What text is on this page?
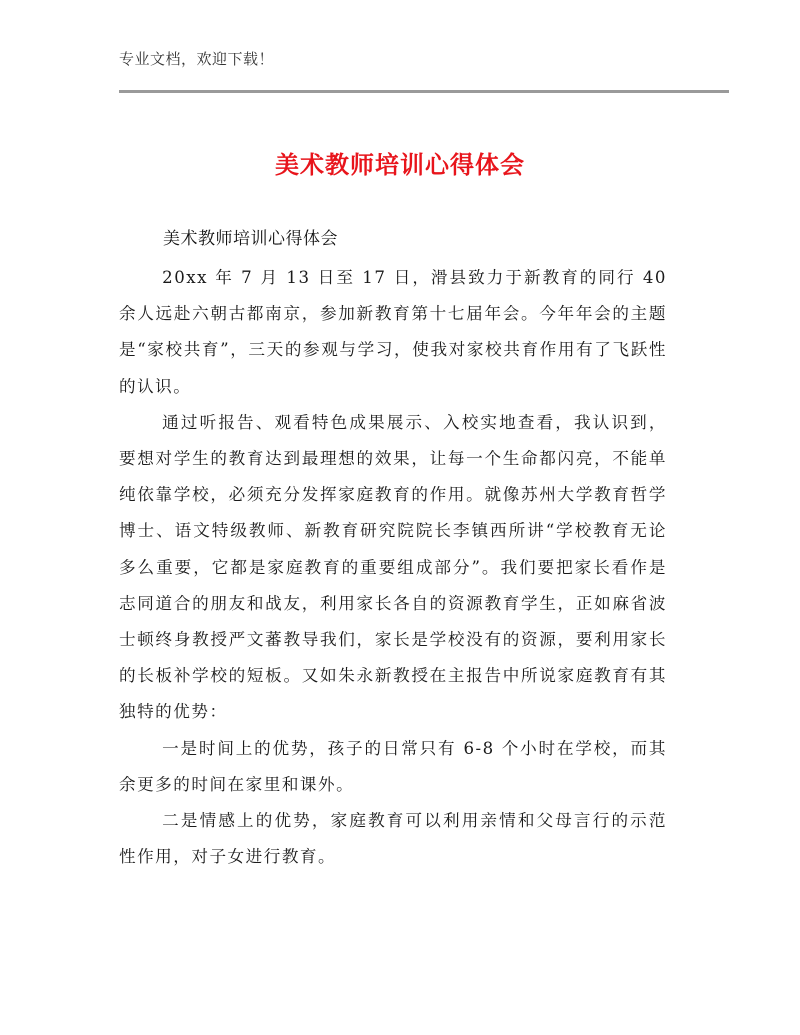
专业文档，欢迎下载！
美术教师培训心得体会
美术教师培训心得体会

20xx 年 7 月 13 日至 17 日，滑县致力于新教育的同行 40 余人远赴六朝古都南京，参加新教育第十七届年会。今年年会的主题是“家校共育”，三天的参观与学习，使我对家校共育作用有了飞跃性的认识。

通过听报告、观看特色成果展示、入校实地查看，我认识到，要想对学生的教育达到最理想的效果，让每一个生命都闪亮，不能单纯依靠学校，必须充分发挥家庭教育的作用。就像苏州大学教育哲学博士、语文特级教师、新教育研究院院长李镇西所讲“学校教育无论多么重要，它都是家庭教育的重要组成部分”。我们要把家长看作是志同道合的朋友和战友，利用家长各自的资源教育学生，正如麻省波士顿终身教授严文蕃教导我们，家长是学校没有的资源，要利用家长的长板补学校的短板。又如朱永新教授在主报告中所说家庭教育有其独特的优势：

一是时间上的优势，孩子的日常只有 6-8 个小时在学校，而其余更多的时间在家里和课外。

二是情感上的优势，家庭教育可以利用亲情和父母言行的示范性作用，对子女进行教育。
